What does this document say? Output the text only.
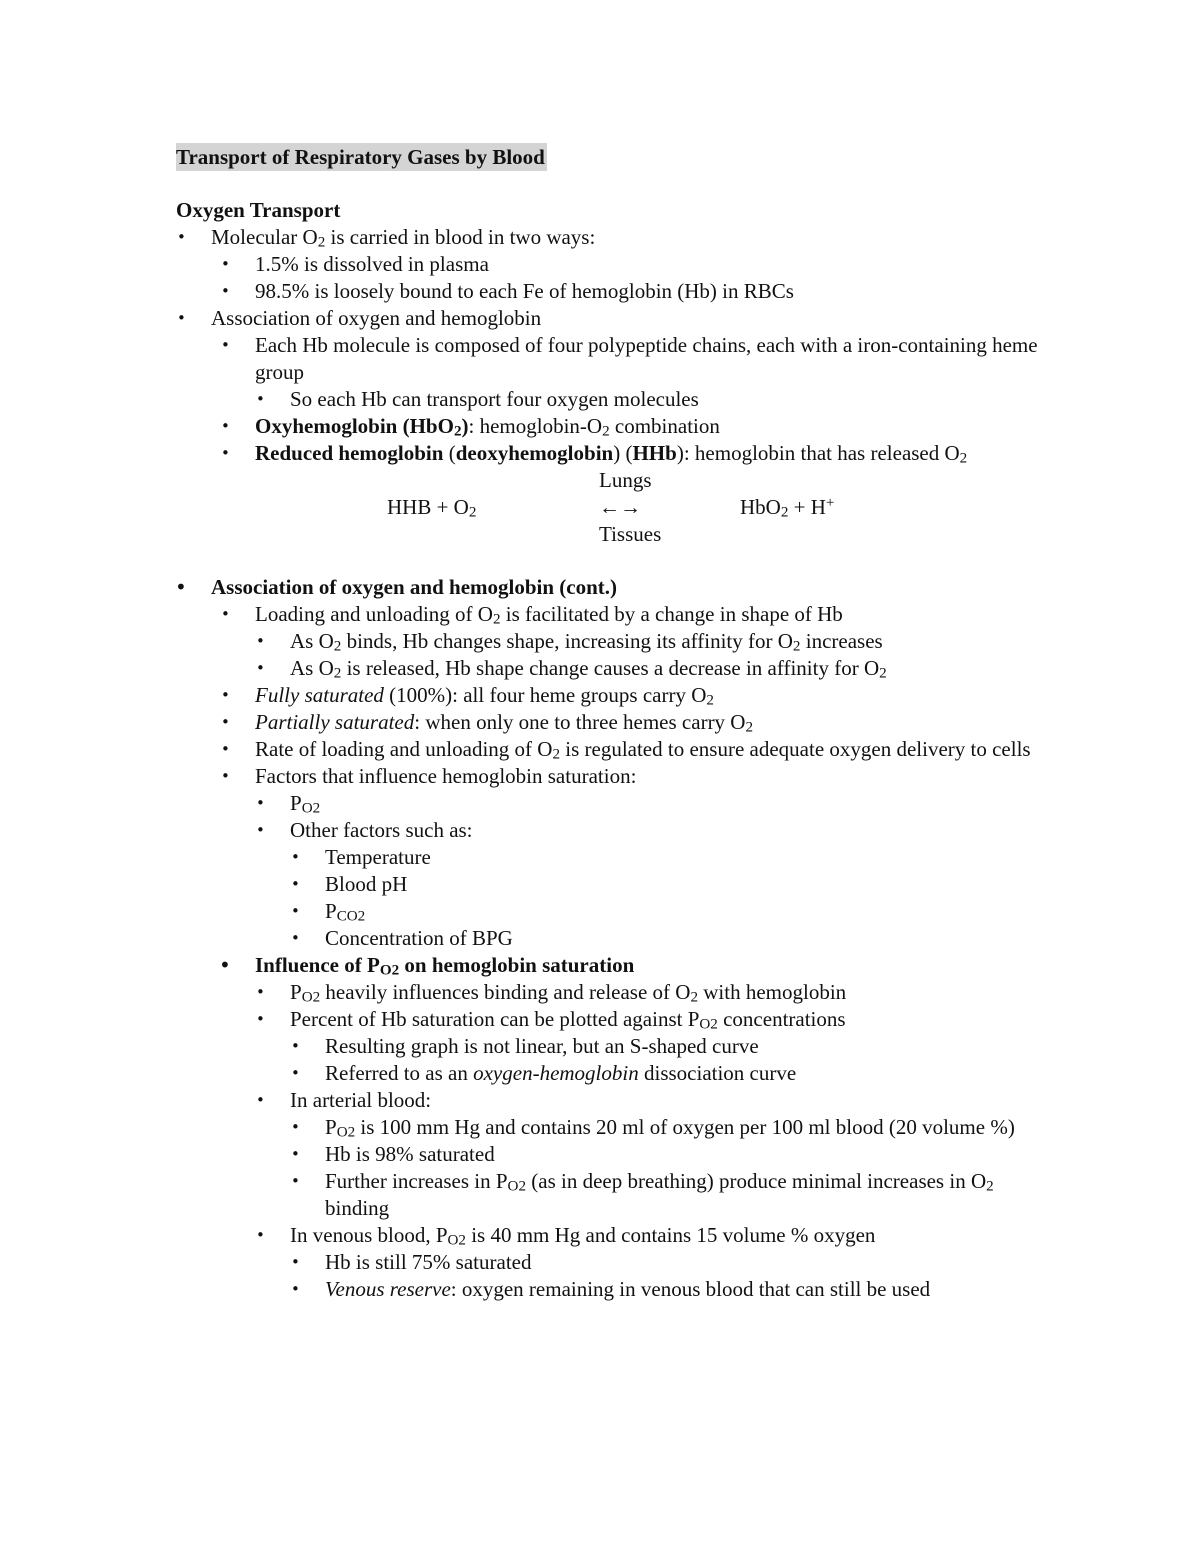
Transport of Respiratory Gases by Blood
Oxygen Transport
• Molecular $O_2$ is carried in blood in two ways:
• 1.5% is dissolved in plasma
• 98.5% is loosely bound to each Fe of hemoglobin (Hb) in RBCs
• Association of oxygen and hemoglobin
• Each Hb molecule is composed of four polypeptide chains, each with a iron-containing heme group
• So each Hb can transport four oxygen molecules
• Oxyhemoglobin (HbO$_2$): hemoglobin-$O_2$ combination
• Reduced hemoglobin (deoxyhemoglobin) (HHb): hemoglobin that has released $O_2$
HHB + $O_2$
Lungs
←→
Tissues
HbO$_2$ + H+
• Association of oxygen and hemoglobin (cont.)
• Loading and unloading of $O_2$ is facilitated by a change in shape of Hb
• As $O_2$ binds, Hb changes shape, increasing its affinity for $O_2$ increases
• As $O_2$ is released, Hb shape change causes a decrease in affinity for $O_2$
• Fully saturated (100%): all four heme groups carry $O_2$
• Partially saturated: when only one to three hemes carry $O_2$
• Rate of loading and unloading of $O_2$ is regulated to ensure adequate oxygen delivery to cells
• Factors that influence hemoglobin saturation:
• $P_{O2}$
• Other factors such as:
• Temperature
• Blood pH
• $P_{CO2}$
• Concentration of BPG
• Influence of $P_{O2}$ on hemoglobin saturation
• $P_{O2}$ heavily influences binding and release of $O_2$ with hemoglobin
• Percent of Hb saturation can be plotted against $P_{O2}$ concentrations
• Resulting graph is not linear, but an S-shaped curve
• Referred to as an oxygen-hemoglobin dissociation curve
• In arterial blood:
• $P_{O2}$ is 100 mm Hg and contains 20 ml of oxygen per 100 ml blood (20 volume %)
• Hb is 98% saturated
• Further increases in $P_{O2}$ (as in deep breathing) produce minimal increases in $O_2$ binding
• In venous blood, $P_{O2}$ is 40 mm Hg and contains 15 volume % oxygen
• Hb is still 75% saturated
• Venous reserve: oxygen remaining in venous blood that can still be used
